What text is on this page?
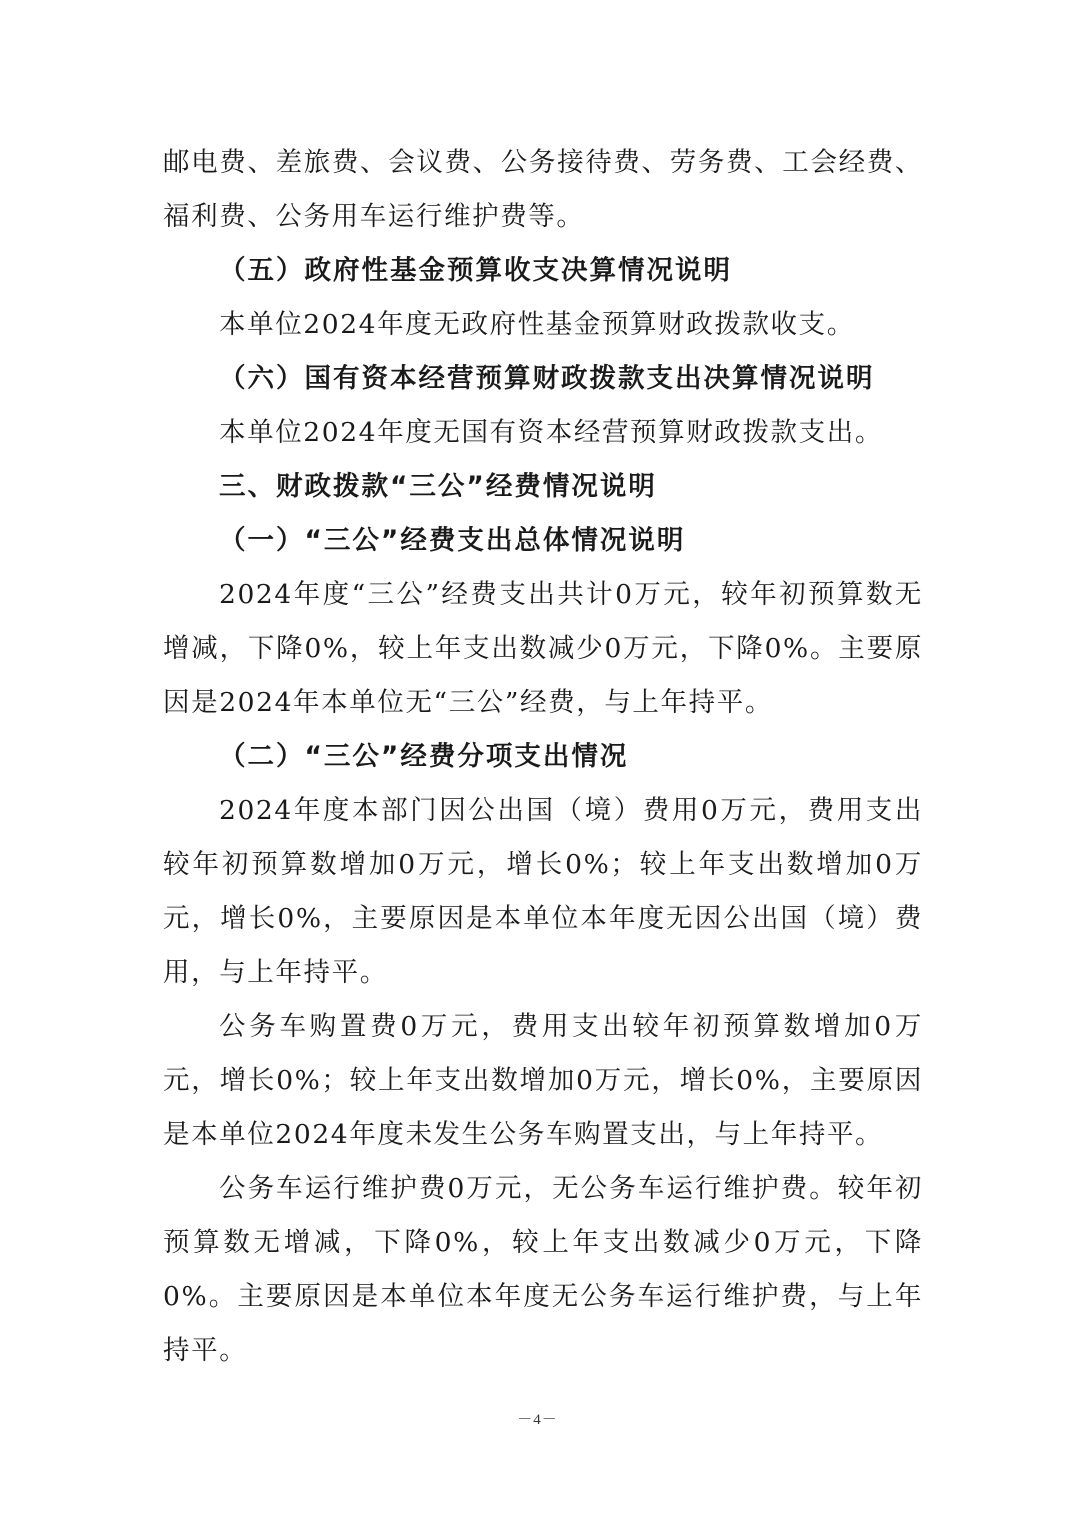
邮电费、差旅费、会议费、公务接待费、劳务费、工会经费、福利费、公务用车运行维护费等。

（五）政府性基金预算收支决算情况说明

本单位2024年度无政府性基金预算财政拨款收支。

（六）国有资本经营预算财政拨款支出决算情况说明

本单位2024年度无国有资本经营预算财政拨款支出。

三、财政拨款“三公”经费情况说明

（一）“三公”经费支出总体情况说明

2024年度“三公”经费支出共计0万元，较年初预算数无增减，下降0%，较上年支出数减少0万元，下降0%。主要原因是2024年本单位无“三公”经费，与上年持平。

（二）“三公”经费分项支出情况

2024年度本部门因公出国（境）费用0万元，费用支出较年初预算数增加0万元，增长0%；较上年支出数增加0万元，增长0%，主要原因是本单位本年度无因公出国（境）费用，与上年持平。

公务车购置费0万元，费用支出较年初预算数增加0万元，增长0%；较上年支出数增加0万元，增长0%，主要原因是本单位2024年度未发生公务车购置支出，与上年持平。

公务车运行维护费0万元，无公务车运行维护费。较年初预算数无增减，下降0%，较上年支出数减少0万元，下降0%。主要原因是本单位本年度无公务车运行维护费，与上年持平。

－4－
